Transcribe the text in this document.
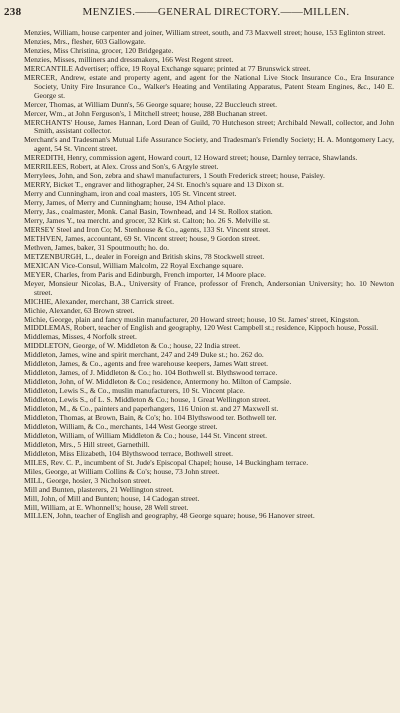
238	MENZIES.——GENERAL DIRECTORY.——MILLEN.

Menzies, William, house carpenter and joiner, William street, south, and 73 Maxwell street; house, 153 Eglinton street.

Menzies, Mrs., flesher, 603 Gallowgate.

Menzies, Miss Christina, grocer, 120 Bridgegate.

Menzies, Misses, milliners and dressmakers, 166 West Regent street.

MERCANTILE Advertiser; office, 19 Royal Exchange square; printed at 77 Brunswick street.

MERCER, Andrew, estate and property agent, and agent for the National Live Stock Insurance Co., Era Insurance Society, Unity Fire Insurance Co., Walker's Heating and Ventilating Apparatus, Patent Steam Engines, &c., 140 E. George st.

Mercer, Thomas, at William Dunn's, 56 George square; house, 22 Buccleuch street.

Mercer, Wm., at John Ferguson's, 1 Mitchell street; house, 288 Buchanan street.

MERCHANTS' House, James Hannan, Lord Dean of Guild, 70 Hutcheson street; Archibald Newall, collector, and John Smith, assistant collector.

Merchant's and Tradesman's Mutual Life Assurance Society, and Tradesman's Friendly Society; H. A. Montgomery Lacy, agent, 54 St. Vincent street.

MEREDITH, Henry, commission agent, Howard court, 12 Howard street; house, Darnley terrace, Shawlands.

MERRILEES, Robert, at Alex. Cross and Son's, 6 Argyle street.

Merrylees, John, and Son, zebra and shawl manufacturers, 1 South Frederick street; house, Paisley.

MERRY, Bicket T., engraver and lithographer, 24 St. Enoch's square and 13 Dixon st.

Merry and Cunningham, iron and coal masters, 105 St. Vincent street.

Merry, James, of Merry and Cunningham; house, 194 Athol place.

Merry, Jas., coalmaster, Monk. Canal Basin, Townhead, and 14 St. Rollox station.

Merry, James Y., tea mercht. and grocer, 32 Kirk st. Calton; ho. 26 S. Melville st.

MERSEY Steel and Iron Co; M. Stenhouse & Co., agents, 133 St. Vincent street.

METHVEN, James, accountant, 69 St. Vincent street; house, 9 Gordon street.

Methven, James, baker, 31 Spoutmouth; ho. do.

METZENBURGH, L., dealer in Foreign and British skins, 78 Stockwell street.

MEXICAN Vice-Consul, William Malcolm, 22 Royal Exchange square.

MEYER, Charles, from Paris and Edinburgh, French importer, 14 Moore place.

Meyer, Monsieur Nicolas, B.A., University of France, professor of French, Andersonian University; ho. 10 Newton street.

MICHIE, Alexander, merchant, 38 Carrick street.

Michie, Alexander, 63 Brown street.

Michie, George, plain and fancy muslin manufacturer, 20 Howard street; house, 10 St. James' street, Kingston.

MIDDLEMAS, Robert, teacher of English and geography, 120 West Campbell st.; residence, Kippoch house, Possil.

Middlemas, Misses, 4 Norfolk street.

MIDDLETON, George, of W. Middleton & Co.; house, 22 India street.

Middleton, James, wine and spirit merchant, 247 and 249 Duke st.; ho. 262 do.

Middleton, James, & Co., agents and free warehouse keepers, James Watt street.

Middleton, James, of J. Middleton & Co.; ho. 104 Bothwell st. Blythswood terrace.

Middleton, John, of W. Middleton & Co.; residence, Antermony ho. Milton of Campsie.

Middleton, Lewis S., & Co., muslin manufacturers, 10 St. Vincent place.

Middleton, Lewis S., of L. S. Middleton & Co.; house, 1 Great Wellington street.

Middleton, M., & Co., painters and paperhangers, 116 Union st. and 27 Maxwell st.

Middleton, Thomas, at Brown, Bain, & Co's; ho. 104 Blythswood ter. Bothwell ter.

Middleton, William, & Co., merchants, 144 West George street.

Middleton, William, of William Middleton & Co.; house, 144 St. Vincent street.

Middleton, Mrs., 5 Hill street, Garnethill.

Middleton, Miss Elizabeth, 104 Blythswood terrace, Bothwell street.

MILES, Rev. C. P., incumbent of St. Jude's Episcopal Chapel; house, 14 Buckingham terrace.

Miles, George, at William Collins & Co's; house, 73 John street.

MILL, George, hosier, 3 Nicholson street.

Mill and Bunten, plasterers, 21 Wellington street.

Mill, John, of Mill and Bunten; house, 14 Cadogan street.

Mill, William, at E. Whonnell's; house, 28 Well street.

MILLEN, John, teacher of English and geography, 48 George square; house, 96 Hanover street.
